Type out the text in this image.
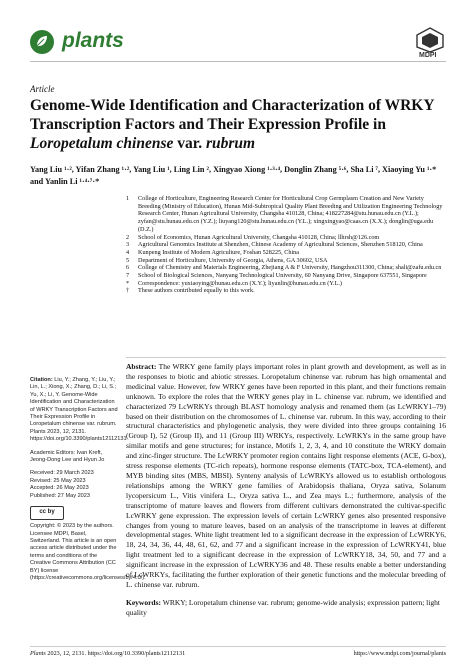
plants
MDPI
Article
Genome-Wide Identification and Characterization of WRKY
Transcription Factors and Their Expression Profile in
Loropetalum chinense var. rubrum
Yang Liu ¹·², Yifan Zhang ¹·², Yang Liu ¹, Ling Lin ², Xingyao Xiong ¹·³·⁴, Donglin Zhang ⁵·⁶, Sha Li ⁷, Xiaoying Yu ¹·*
and Yanlin Li ¹·⁴·⁷·*
1	College of Horticulture, Engineering Research Center for Horticultural Crop Germplasm Creation and New Variety Breeding (Ministry of Education), Hunan Mid-Subtropical Quality Plant Breeding and Utilization Engineering Technology Research Center, Hunan Agricultural University, Changsha 410128, China; 418227284@stu.hunau.edu.cn (Y.L.); zyfan@stu.hunau.edu.cn (Y.Z.); liuyang120@stu.hunau.edu.cn (Y.L.); xingxingyao@caas.cn (X.X.); donglin@uga.edu (D.Z.)
2	School of Economics, Hunan Agricultural University, Changsha 410128, China; llhrsh@126.com
3	Agricultural Genomics Institute at Shenzhen, Chinese Academy of Agricultural Sciences, Shenzhen 518120, China
4	Kunpeng Institute of Modern Agriculture, Foshan 528225, China
5	Department of Horticulture, University of Georgia, Athens, GA 30602, USA
6	College of Chemistry and Materials Engineering, Zhejiang A & F University, Hangzhou311300, China; shali@zafu.edu.cn
7	School of Biological Sciences, Nanyang Technological University, 60 Nanyang Drive, Singapore 637551, Singapore
*	Correspondence: yuxiaoying@hunau.edu.cn (X.Y.); liyanlin@hunau.edu.cn (Y.L.)
†	These authors contributed equally to this work.
Citation: Liu, Y.; Zhang, Y.; Liu, Y.; Lin, L.; Xiong, X.; Zhang, D.; Li, S.; Yu, X.; Li, Y. Genome-Wide Identification and Characterization of WRKY Transcription Factors and Their Expression Profile in Loropetalum chinense var. rubrum. Plants 2023, 12, 2131. https://doi.org/10.3390/plants12112131
Academic Editors: Ivan Kreft, Jeong-Dong Lee and Hyun Jo
Received: 29 March 2023
Revised: 25 May 2023
Accepted: 26 May 2023
Published: 27 May 2023
cc by
Copyright: © 2023 by the authors. Licensee MDPI, Basel, Switzerland. This article is an open access article distributed under the terms and conditions of the Creative Commons Attribution (CC BY) license (https://creativecommons.org/licenses/by/4.0/).
Abstract: The WRKY gene family plays important roles in plant growth and development, as well as in the responses to biotic and abiotic stresses. Loropetalum chinense var. rubrum has high ornamental and medicinal value. However, few WRKY genes have been reported in this plant, and their functions remain unknown. To explore the roles that the WRKY genes play in L. chinense var. rubrum, we identified and characterized 79 LcWRKYs through BLAST homology analysis and renamed them (as LcWRKY1–79) based on their distribution on the chromosomes of L. chinense var. rubrum. In this way, according to their structural characteristics and phylogenetic analysis, they were divided into three groups containing 16 (Group I), 52 (Group II), and 11 (Group III) WRKYs, respectively. LcWRKYs in the same group have similar motifs and gene structures; for instance, Motifs 1, 2, 3, 4, and 10 constitute the WRKY domain and zinc-finger structure. The LcWRKY promoter region contains light response elements (ACE, G-box), stress response elements (TC-rich repeats), hormone response elements (TATC-box, TCA-element), and MYB binding sites (MBS, MBSI). Synteny analysis of LcWRKYs allowed us to establish orthologous relationships among the WRKY gene families of Arabidopsis thaliana, Oryza sativa, Solanum lycopersicum L., Vitis vinifera L., Oryza sativa L., and Zea mays L.; furthermore, analysis of the transcriptome of mature leaves and flowers from different cultivars demonstrated the cultivar-specific LcWRKY gene expression. The expression levels of certain LcWRKY genes also presented responsive changes from young to mature leaves, based on an analysis of the transcriptome in leaves at different developmental stages. White light treatment led to a significant decrease in the expression of LcWRKY6, 18, 24, 34, 36, 44, 48, 61, 62, and 77 and a significant increase in the expression of LcWRKY41, blue light treatment led to a significant decrease in the expression of LcWRKY18, 34, 50, and 77 and a significant increase in the expression of LcWRKY36 and 48. These results enable a better understanding of LcWRKYs, facilitating the further exploration of their genetic functions and the molecular breeding of L. chinense var. rubrum.
Keywords: WRKY; Loropetalum chinense var. rubrum; genome-wide analysis; expression pattern; light quality
Plants 2023, 12, 2131. https://doi.org/10.3390/plants12112131	https://www.mdpi.com/journal/plants
